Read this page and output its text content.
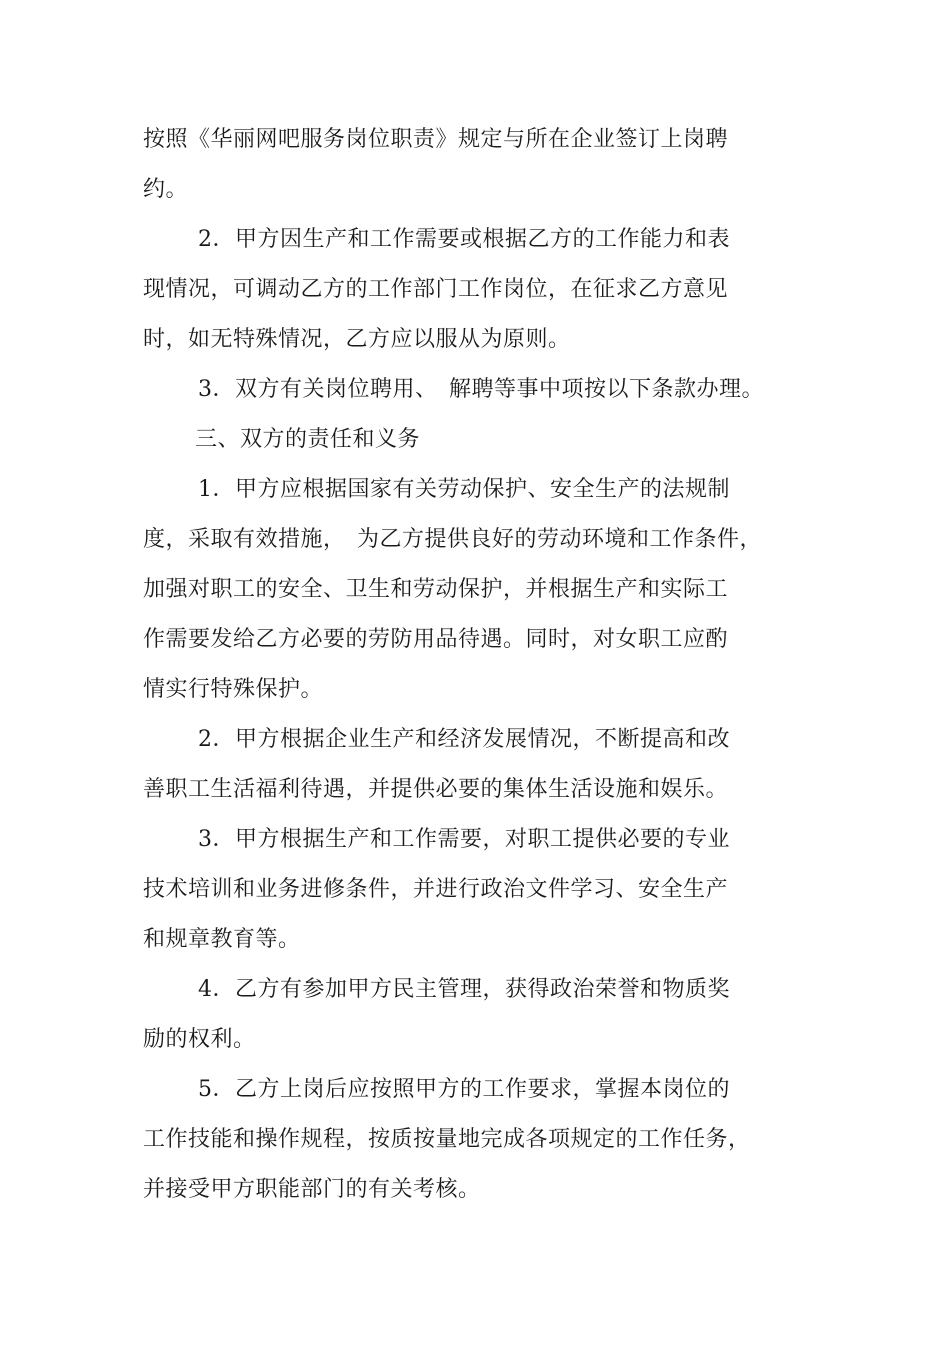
按照《华丽网吧服务岗位职责》规定与所在企业签订上岗聘
约。
2．甲方因生产和工作需要或根据乙方的工作能力和表
现情况，可调动乙方的工作部门工作岗位，在征求乙方意见
时，如无特殊情况，乙方应以服从为原则。
3．双方有关岗位聘用、　解聘等事中项按以下条款办理。
三、双方的责任和义务
1．甲方应根据国家有关劳动保护、安全生产的法规制
度，采取有效措施，　为乙方提供良好的劳动环境和工作条件，
加强对职工的安全、卫生和劳动保护，并根据生产和实际工
作需要发给乙方必要的劳防用品待遇。同时，对女职工应酌
情实行特殊保护。
2．甲方根据企业生产和经济发展情况，不断提高和改
善职工生活福利待遇，并提供必要的集体生活设施和娱乐。
3．甲方根据生产和工作需要，对职工提供必要的专业
技术培训和业务进修条件，并进行政治文件学习、安全生产
和规章教育等。
4．乙方有参加甲方民主管理，获得政治荣誉和物质奖
励的权利。
5．乙方上岗后应按照甲方的工作要求，掌握本岗位的
工作技能和操作规程，按质按量地完成各项规定的工作任务，
并接受甲方职能部门的有关考核。
